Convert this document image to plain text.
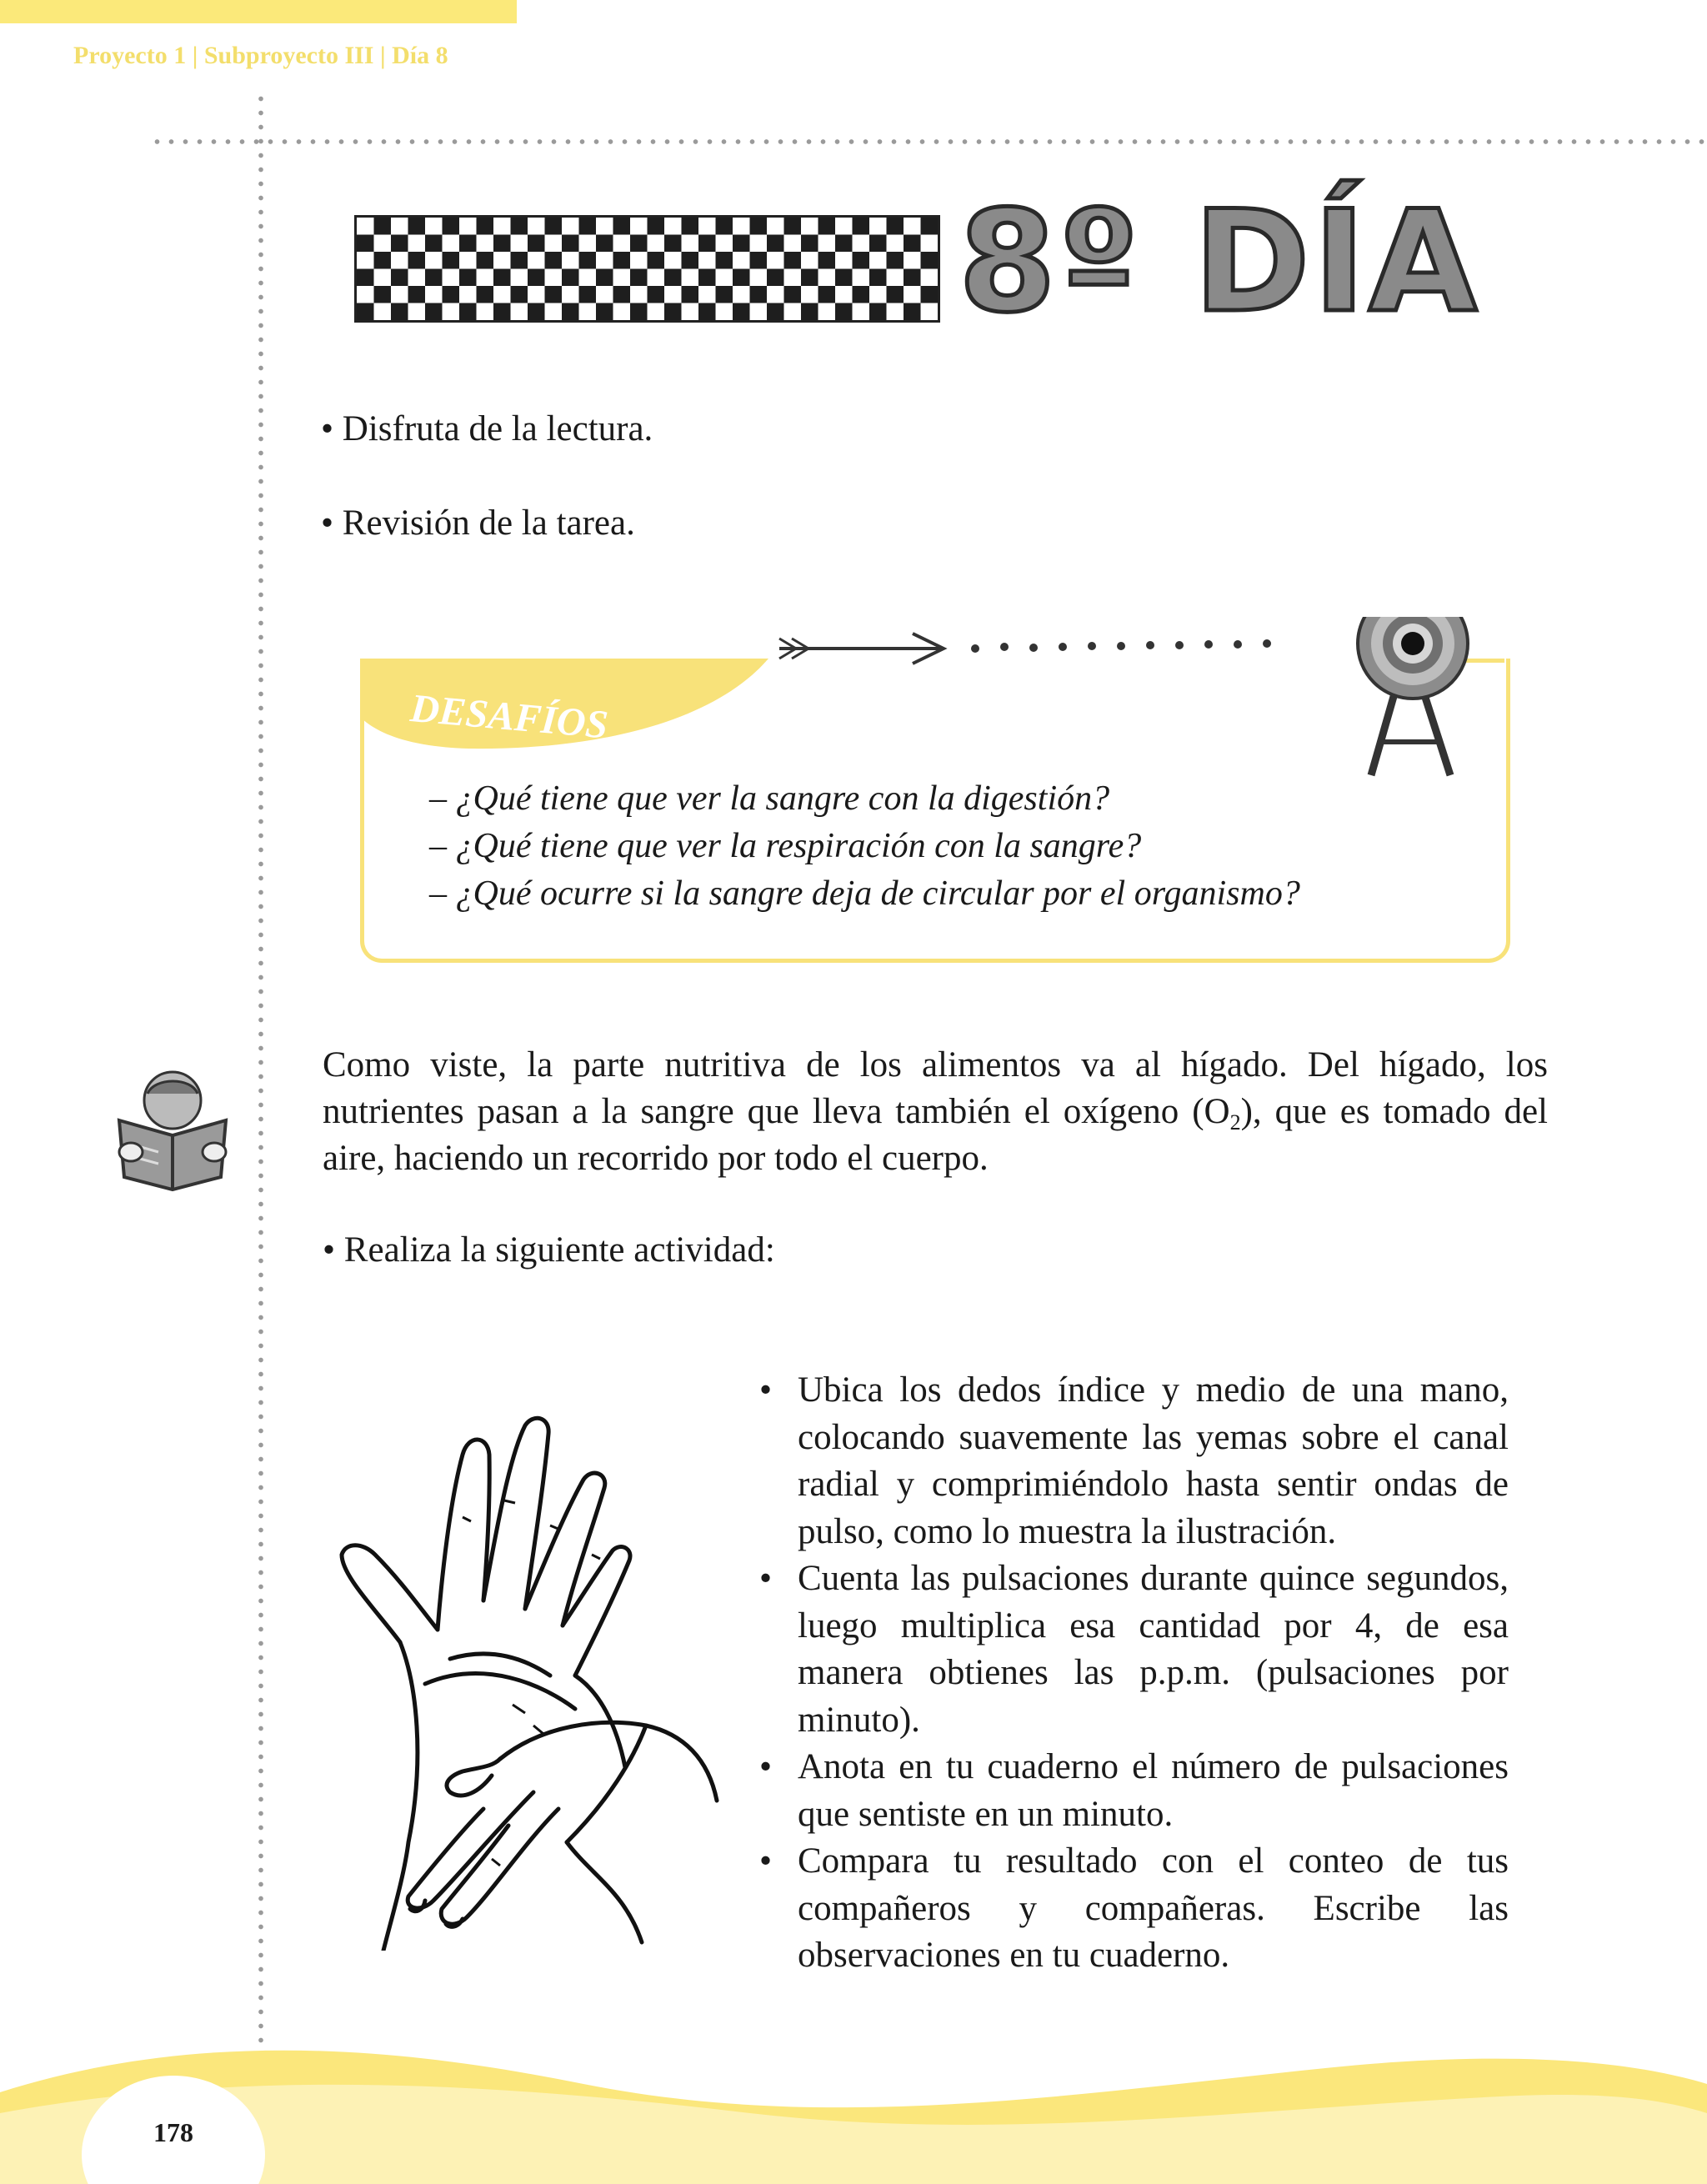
Proyecto 1 | Subproyecto III | Día 8
8º DÍA
• Disfruta de la lectura.
• Revisión de la tarea.
DESAFÍOS
– ¿Qué tiene que ver la sangre con la digestión?
– ¿Qué tiene que ver la respiración con la sangre?
– ¿Qué ocurre si la sangre deja de circular por el organismo?
Como viste, la parte nutritiva de los alimentos va al hígado. Del hígado, los nutrientes pasan a la sangre que lleva también el oxígeno $(O_2)$, que es tomado del aire, haciendo un recorrido por todo el cuerpo.
• Realiza la siguiente actividad:
• Ubica los dedos índice y medio de una mano, colocando suavemente las yemas sobre el canal radial y comprimiéndolo hasta sentir ondas de pulso, como lo muestra la ilustración.
• Cuenta las pulsaciones durante quince segundos, luego multiplica esa cantidad por 4, de esa manera obtienes las p.p.m. (pulsaciones por minuto).
• Anota en tu cuaderno el número de pulsaciones que sentiste en un minuto.
• Compara tu resultado con el conteo de tus compañeros y compañeras. Escribe las observaciones en tu cuaderno.
178
